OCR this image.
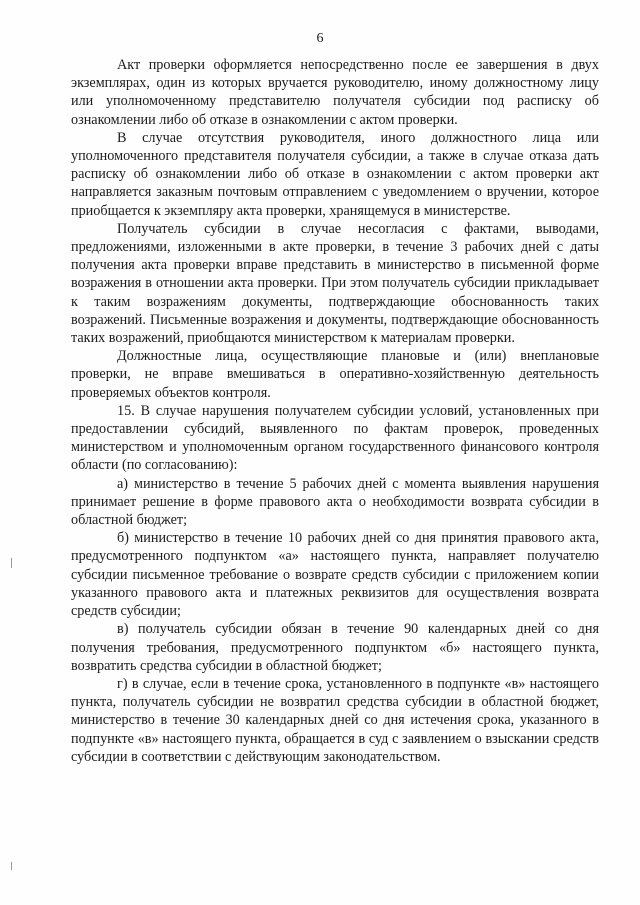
6

Акт проверки оформляется непосредственно после ее завершения в двух экземплярах, один из которых вручается руководителю, иному должностному лицу или уполномоченному представителю получателя субсидии под расписку об ознакомлении либо об отказе в ознакомлении с актом проверки.

В случае отсутствия руководителя, иного должностного лица или уполномоченного представителя получателя субсидии, а также в случае отказа дать расписку об ознакомлении либо об отказе в ознакомлении с актом проверки акт направляется заказным почтовым отправлением с уведомлением о вручении, которое приобщается к экземпляру акта проверки, хранящемуся в министерстве.

Получатель субсидии в случае несогласия с фактами, выводами, предложениями, изложенными в акте проверки, в течение 3 рабочих дней с даты получения акта проверки вправе представить в министерство в письменной форме возражения в отношении акта проверки. При этом получатель субсидии прикладывает к таким возражениям документы, подтверждающие обоснованность таких возражений. Письменные возражения и документы, подтверждающие обоснованность таких возражений, приобщаются министерством к материалам проверки.

Должностные лица, осуществляющие плановые и (или) внеплановые проверки, не вправе вмешиваться в оперативно-хозяйственную деятельность проверяемых объектов контроля.

15. В случае нарушения получателем субсидии условий, установленных при предоставлении субсидий, выявленного по фактам проверок, проведенных министерством и уполномоченным органом государственного финансового контроля области (по согласованию):

а) министерство в течение 5 рабочих дней с момента выявления нарушения принимает решение в форме правового акта о необходимости возврата субсидии в областной бюджет;

б) министерство в течение 10 рабочих дней со дня принятия правового акта, предусмотренного подпунктом «а» настоящего пункта, направляет получателю субсидии письменное требование о возврате средств субсидии с приложением копии указанного правового акта и платежных реквизитов для осуществления возврата средств субсидии;

в) получатель субсидии обязан в течение 90 календарных дней со дня получения требования, предусмотренного подпунктом «б» настоящего пункта, возвратить средства субсидии в областной бюджет;

г) в случае, если в течение срока, установленного в подпункте «в» настоящего пункта, получатель субсидии не возвратил средства субсидии в областной бюджет, министерство в течение 30 календарных дней со дня истечения срока, указанного в подпункте «в» настоящего пункта, обращается в суд с заявлением о взыскании средств субсидии в соответствии с действующим законодательством.
